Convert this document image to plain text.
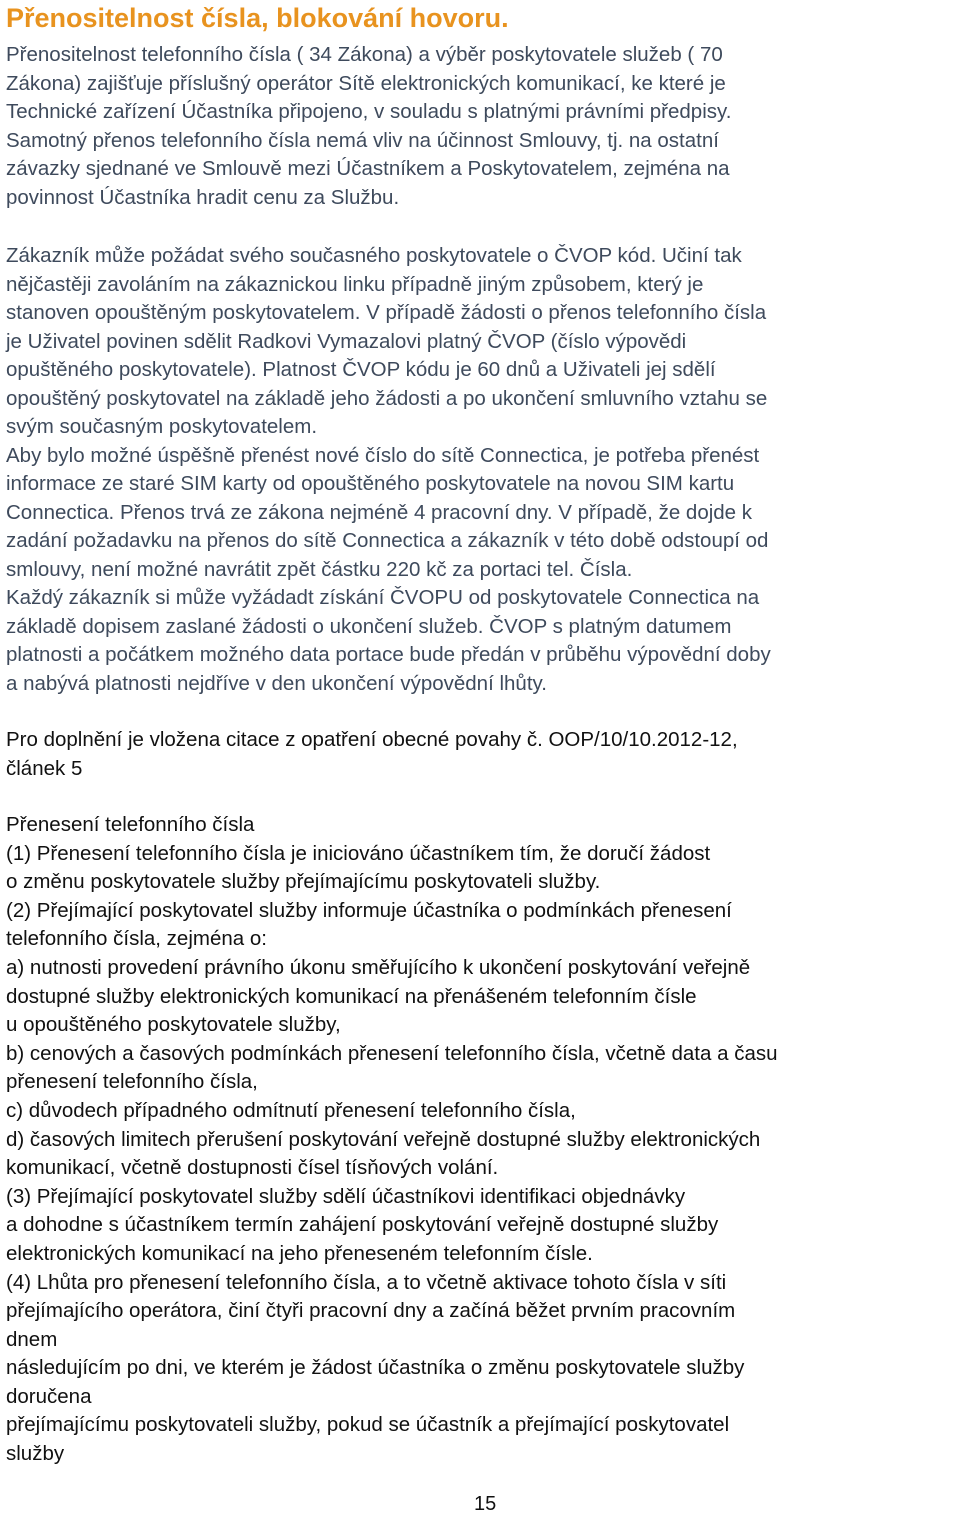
Přenositelnost čísla, blokování hovoru.
Přenositelnost telefonního čísla ( 34 Zákona) a výběr poskytovatele služeb ( 70
Zákona) zajišťuje příslušný operátor Sítě elektronických komunikací, ke které je
Technické zařízení Účastníka připojeno, v souladu s platnými právními předpisy.
Samotný přenos telefonního čísla nemá vliv na účinnost Smlouvy, tj. na ostatní
závazky sjednané ve Smlouvě mezi Účastníkem a Poskytovatelem, zejména na
povinnost Účastníka hradit cenu za Službu.
Zákazník může požádat svého současného poskytovatele o ČVOP kód. Učiní tak
nějčastěji zavoláním na zákaznickou linku případně jiným způsobem, který je
stanoven opouštěným poskytovatelem. V případě žádosti o přenos telefonního čísla
je Uživatel povinen sdělit Radkovi Vymazalovi platný ČVOP (číslo výpovědi
opuštěného poskytovatele). Platnost ČVOP kódu je 60 dnů a Uživateli jej sdělí
opouštěný poskytovatel na základě jeho žádosti a po ukončení smluvního vztahu se
svým současným poskytovatelem.
Aby bylo možné úspěšně přenést nové číslo do sítě Connectica, je potřeba přenést
informace ze staré SIM karty od opouštěného poskytovatele na novou SIM kartu
Connectica. Přenos trvá ze zákona nejméně 4 pracovní dny. V případě, že dojde k
zadání požadavku na přenos do sítě Connectica a zákazník v této době odstoupí od
smlouvy, není možné navrátit zpět částku 220 kč za portaci tel. Čísla.
Každý zákazník si může vyžádadt získání ČVOPU od poskytovatele Connectica na
základě dopisem zaslané žádosti o ukončení služeb. ČVOP s platným datumem
platnosti a počátkem možného data portace bude předán v průběhu výpovědní doby
a nabývá platnosti nejdříve v den ukončení výpovědní lhůty.
Pro doplnění je vložena citace z opatření obecné povahy č. OOP/10/10.2012-12,
článek 5
Přenesení telefonního čísla
(1) Přenesení telefonního čísla je iniciováno účastníkem tím, že doručí žádost
o změnu poskytovatele služby přejímajícímu poskytovateli služby.
(2) Přejímající poskytovatel služby informuje účastníka o podmínkách přenesení
telefonního čísla, zejména o:
a) nutnosti provedení právního úkonu směřujícího k ukončení poskytování veřejně
dostupné služby elektronických komunikací na přenášeném telefonním čísle
u opouštěného poskytovatele služby,
b) cenových a časových podmínkách přenesení telefonního čísla, včetně data a času
přenesení telefonního čísla,
c) důvodech případného odmítnutí přenesení telefonního čísla,
d) časových limitech přerušení poskytování veřejně dostupné služby elektronických
komunikací, včetně dostupnosti čísel tísňových volání.
(3) Přejímající poskytovatel služby sdělí účastníkovi identifikaci objednávky
a dohodne s účastníkem termín zahájení poskytování veřejně dostupné služby
elektronických komunikací na jeho přeneseném telefonním čísle.
(4) Lhůta pro přenesení telefonního čísla, a to včetně aktivace tohoto čísla v síti
přejímajícího operátora, činí čtyři pracovní dny a začíná běžet prvním pracovním
dnem
následujícím po dni, ve kterém je žádost účastníka o změnu poskytovatele služby
doručena
přejímajícímu poskytovateli služby, pokud se účastník a přejímající poskytovatel
služby
15
